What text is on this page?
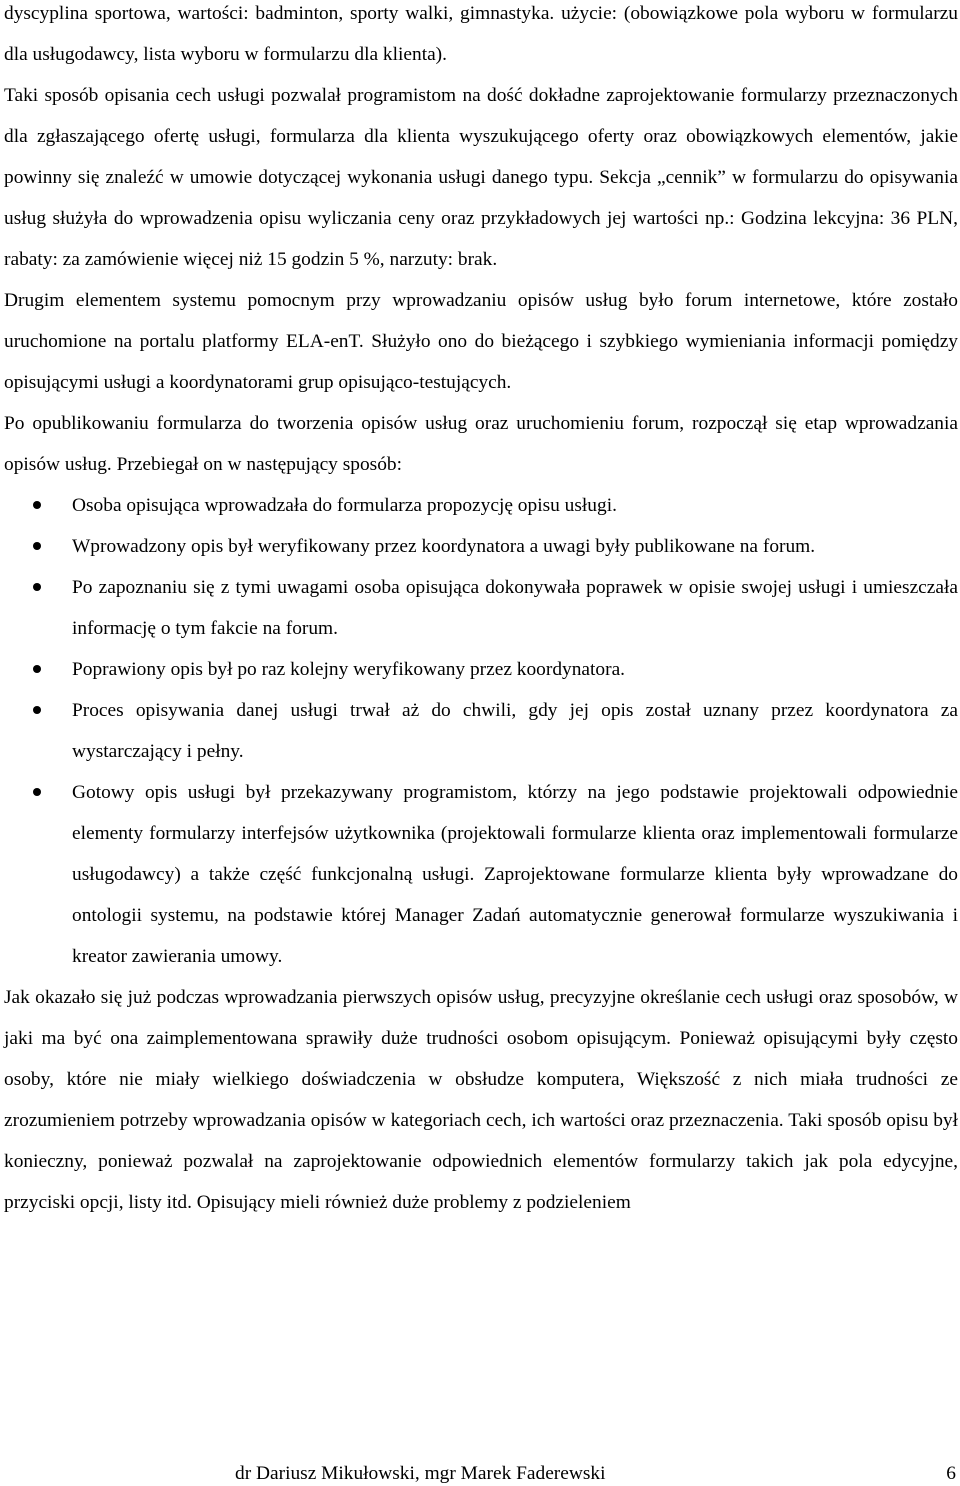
dyscyplina sportowa, wartości: badminton, sporty walki, gimnastyka. użycie: (obowiązkowe pola wyboru w formularzu dla usługodawcy, lista wyboru w formularzu dla klienta).

Taki sposób opisania cech usługi pozwalał programistom na dość dokładne zaprojektowanie formularzy przeznaczonych dla zgłaszającego ofertę usługi, formularza dla klienta wyszukującego oferty oraz obowiązkowych elementów, jakie powinny się znaleźć w umowie dotyczącej wykonania usługi danego typu. Sekcja „cennik” w formularzu do opisywania usług służyła do wprowadzenia opisu wyliczania ceny oraz przykładowych jej wartości np.: Godzina lekcyjna: 36 PLN, rabaty: za zamówienie więcej niż 15 godzin 5 %, narzuty: brak.

Drugim elementem systemu pomocnym przy wprowadzaniu opisów usług było forum internetowe, które zostało uruchomione na portalu platformy ELA-enT. Służyło ono do bieżącego i szybkiego wymieniania informacji pomiędzy opisującymi usługi a koordynatorami grup opisująco-testujących.

Po opublikowaniu formularza do tworzenia opisów usług oraz uruchomieniu forum, rozpoczął się etap wprowadzania opisów usług. Przebiegał on w następujący sposób:

Osoba opisująca wprowadzała do formularza propozycję opisu usługi.
Wprowadzony opis był weryfikowany przez koordynatora a uwagi były publikowane na forum.
Po zapoznaniu się z tymi uwagami osoba opisująca dokonywała poprawek w opisie swojej usługi i umieszczała informację o tym fakcie na forum.
Poprawiony opis był po raz kolejny weryfikowany przez koordynatora.
Proces opisywania danej usługi trwał aż do chwili, gdy jej opis został uznany przez koordynatora za wystarczający i pełny.
Gotowy opis usługi był przekazywany programistom, którzy na jego podstawie projektowali odpowiednie elementy formularzy interfejsów użytkownika (projektowali formularze klienta oraz implementowali formularze usługodawcy) a także część funkcjonalną usługi. Zaprojektowane formularze klienta były wprowadzane do ontologii systemu, na podstawie której Manager Zadań automatycznie generował formularze wyszukiwania i kreator zawierania umowy.

Jak okazało się już podczas wprowadzania pierwszych opisów usług, precyzyjne określanie cech usługi oraz sposobów, w jaki ma być ona zaimplementowana sprawiły duże trudności osobom opisującym. Ponieważ opisującymi były często osoby, które nie miały wielkiego doświadczenia w obsłudze komputera, Większość z nich miała trudności ze zrozumieniem potrzeby wprowadzania opisów w kategoriach cech, ich wartości oraz przeznaczenia. Taki sposób opisu był konieczny, ponieważ pozwalał na zaprojektowanie odpowiednich elementów formularzy takich jak pola edycyjne, przyciski opcji, listy itd. Opisujący mieli również duże problemy z podzieleniem

dr Dariusz Mikułowski, mgr Marek Faderewski	6
